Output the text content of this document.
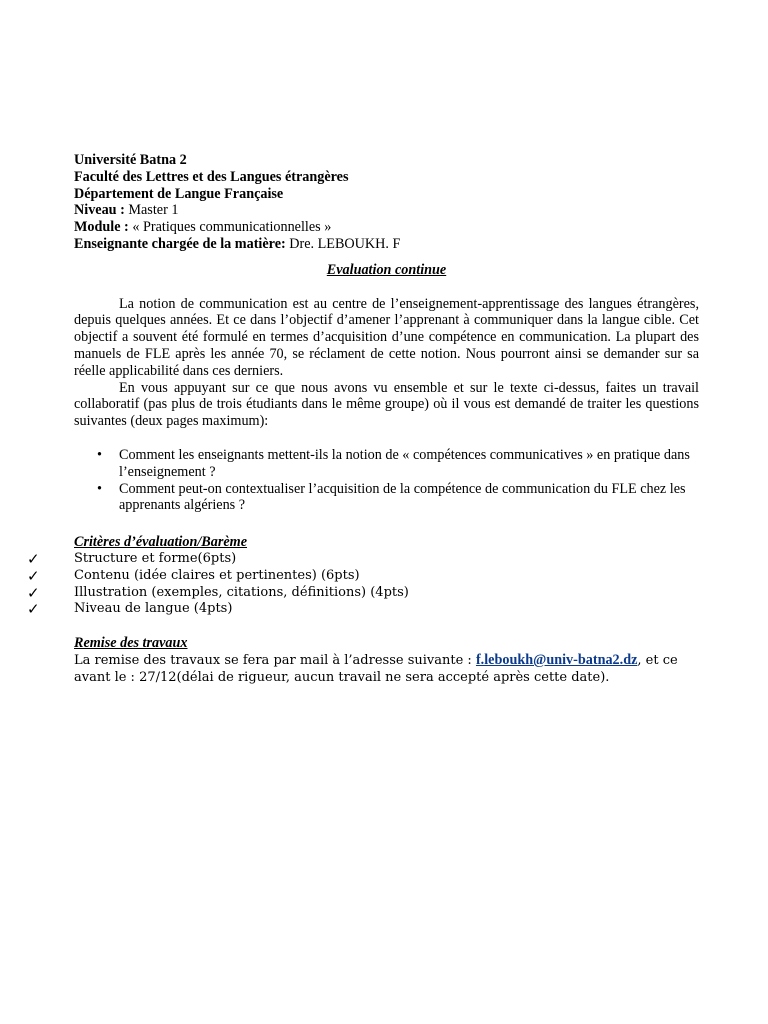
Université Batna 2
Faculté des Lettres et des Langues étrangères
Département de Langue Française
Niveau : Master 1
Module : « Pratiques communicationnelles »
Enseignante chargée de la matière: Dre. LEBOUKH. F
Evaluation continue

La notion de communication est au centre de l’enseignement-apprentissage des langues étrangères, depuis quelques années. Et ce dans l’objectif d’amener l’apprenant à communiquer dans la langue cible. Cet objectif a souvent été formulé en termes d’acquisition d’une compétence en communication. La plupart des manuels de FLE après les année 70, se réclament de cette notion. Nous pourront ainsi se demander sur sa réelle applicabilité dans ces derniers.

En vous appuyant sur ce que nous avons vu ensemble et sur le texte ci-dessus, faites un travail collaboratif (pas plus de trois étudiants dans le même groupe) où il vous est demandé de traiter les questions suivantes (deux pages maximum):

• Comment les enseignants mettent-ils la notion de « compétences communicatives » en pratique dans l’enseignement ?
• Comment peut-on contextualiser l’acquisition de la compétence de communication du FLE chez les apprenants algériens ?
Critères d’évaluation/Barème
✓	Structure et forme(6pts)
✓	Contenu (idée claires et pertinentes) (6pts)
✓	Illustration (exemples, citations, définitions) (4pts)
✓	Niveau de langue (4pts)
Remise des travaux
La remise des travaux se fera par mail à l’adresse suivante : f.leboukh@univ-batna2.dz, et ce avant le : 27/12(délai de rigueur, aucun travail ne sera accepté après cette date).
